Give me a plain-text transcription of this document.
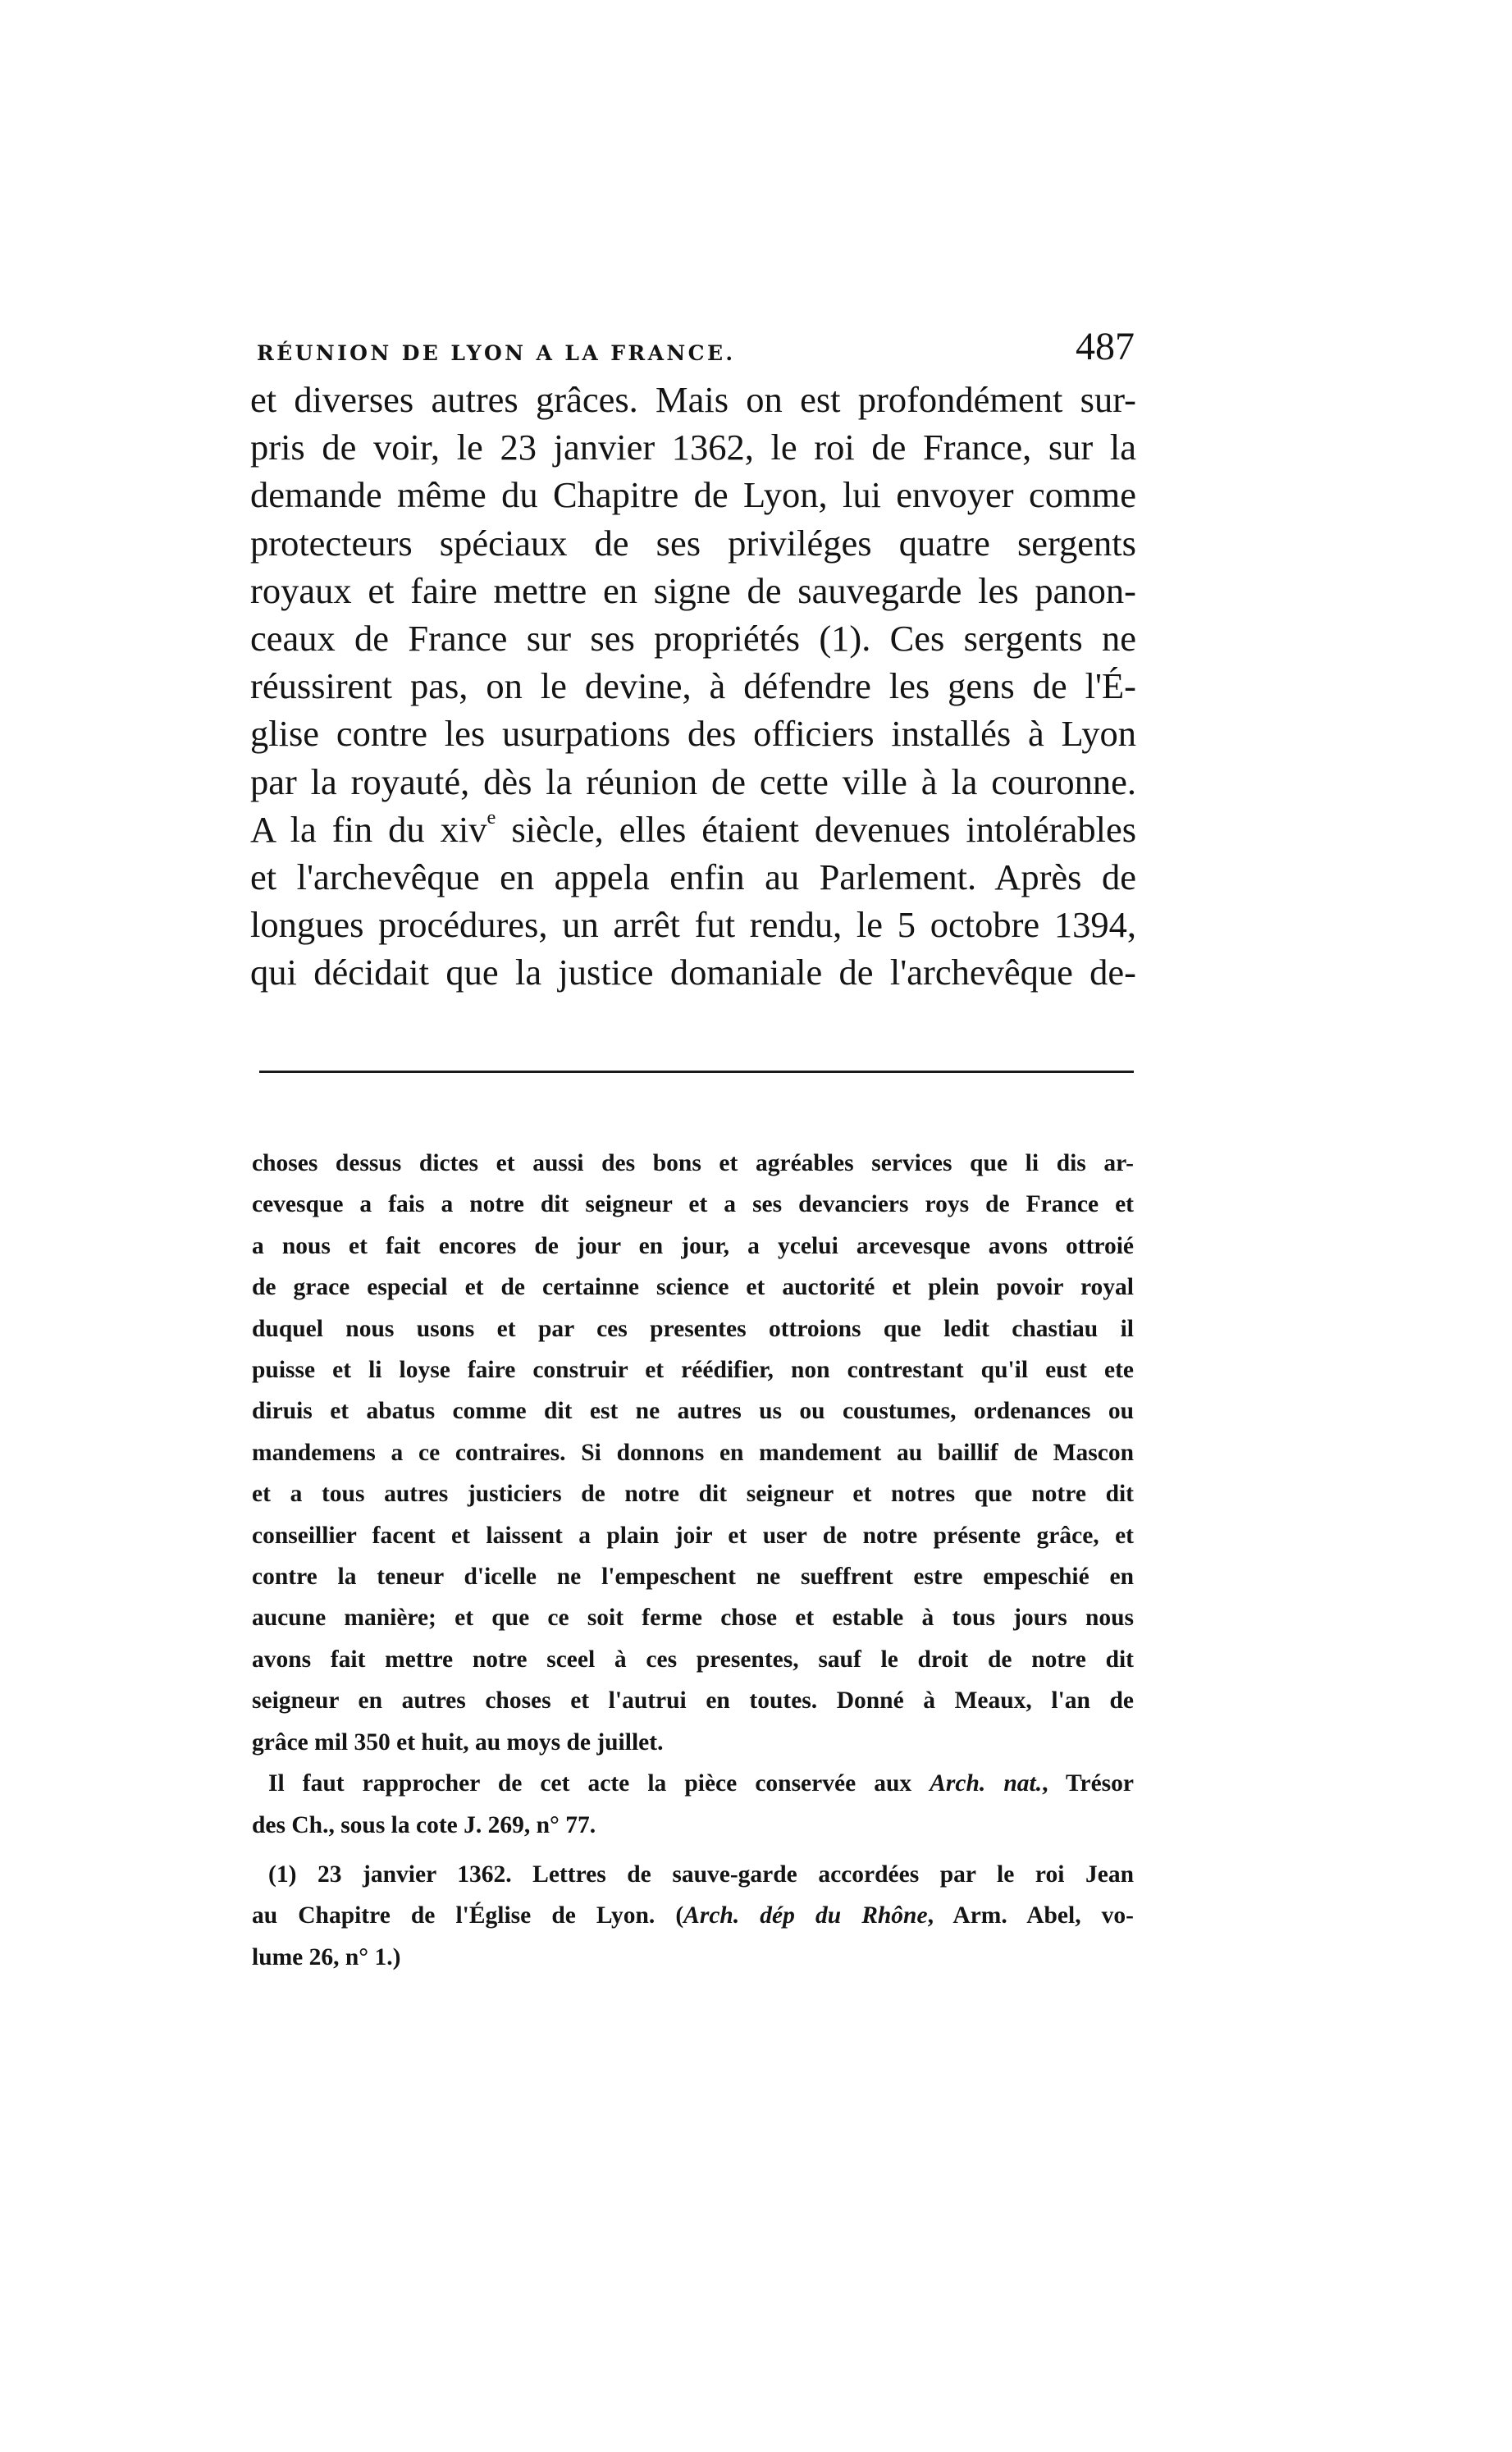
RÉUNION DE LYON A LA FRANCE.	487
et diverses autres grâces. Mais on est profondément sur-
pris de voir, le 23 janvier 1362, le roi de France, sur la
demande même du Chapitre de Lyon, lui envoyer comme
protecteurs spéciaux de ses priviléges quatre sergents
royaux et faire mettre en signe de sauvegarde les panon-
ceaux de France sur ses propriétés (1). Ces sergents ne
réussirent pas, on le devine, à défendre les gens de l'É-
glise contre les usurpations des officiers installés à Lyon
par la royauté, dès la réunion de cette ville à la couronne.
A la fin du xiv$^e$ siècle, elles étaient devenues intolérables
et l'archevêque en appela enfin au Parlement. Après de
longues procédures, un arrêt fut rendu, le 5 octobre 1394,
qui décidait que la justice domaniale de l'archevêque de-
choses dessus dictes et aussi des bons et agréables services que li dis ar-
cevesque a fais a notre dit seigneur et a ses devanciers roys de France et
a nous et fait encores de jour en jour, a ycelui arcevesque avons ottroié
de grace especial et de certainne science et auctorité et plein povoir royal
duquel nous usons et par ces presentes ottroions que ledit chastiau il
puisse et li loyse faire construir et réédifier, non contrestant qu'il eust ete
diruis et abatus comme dit est ne autres us ou coustumes, ordenances ou
mandemens a ce contraires. Si donnons en mandement au baillif de Mascon
et a tous autres justiciers de notre dit seigneur et notres que notre dit
conseillier facent et laissent a plain joir et user de notre présente grâce, et
contre la teneur d'icelle ne l'empeschent ne sueffrent estre empeschié en
aucune manière; et que ce soit ferme chose et estable à tous jours nous
avons fait mettre notre sceel à ces presentes, sauf le droit de notre dit
seigneur en autres choses et l'autrui en toutes. Donné à Meaux, l'an de
grâce mil 350 et huit, au moys de juillet.
Il faut rapprocher de cet acte la pièce conservée aux Arch. nat., Trésor
des Ch., sous la cote J. 269, n° 77.
(1) 23 janvier 1362. Lettres de sauve-garde accordées par le roi Jean
au Chapitre de l'Église de Lyon. (Arch. dép du Rhône, Arm. Abel, vo-
lume 26, n° 1.)
